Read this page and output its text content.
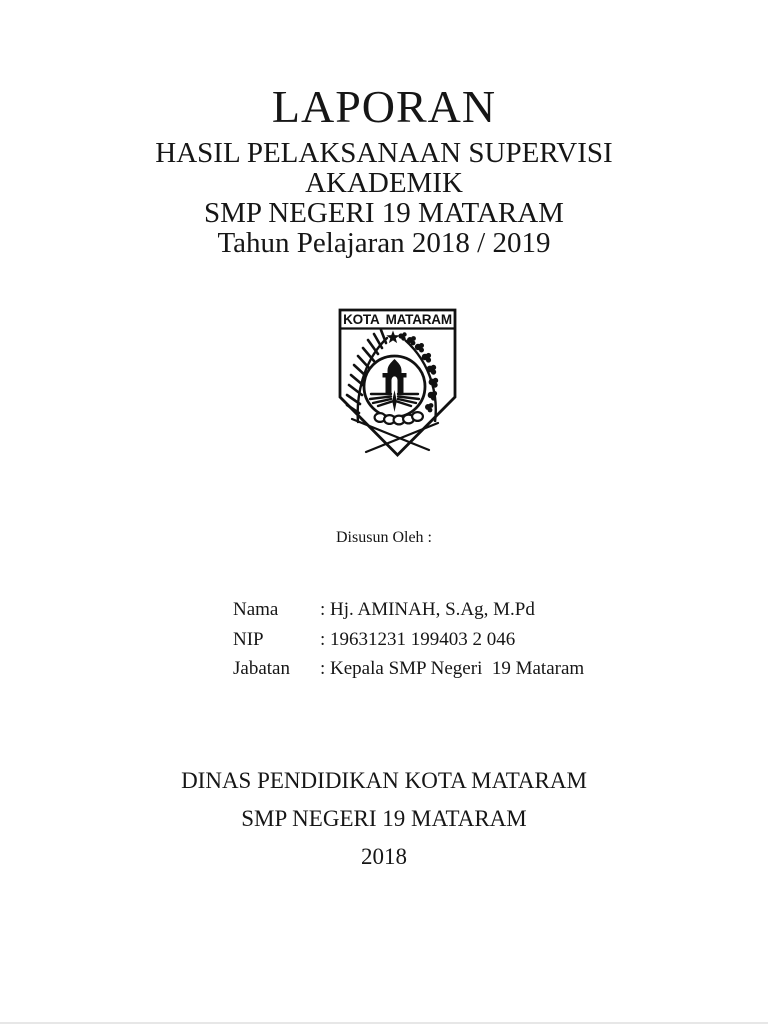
LAPORAN
HASIL PELAKSANAAN SUPERVISI
AKADEMIK
SMP NEGERI 19 MATARAM
Tahun Pelajaran 2018 / 2019
KOTA MATARAM
Disusun Oleh :
Nama	: Hj. AMINAH, S.Ag, M.Pd
NIP	: 19631231 199403 2 046
Jabatan	: Kepala SMP Negeri  19 Mataram
DINAS PENDIDIKAN KOTA MATARAM
SMP NEGERI 19 MATARAM
2018
